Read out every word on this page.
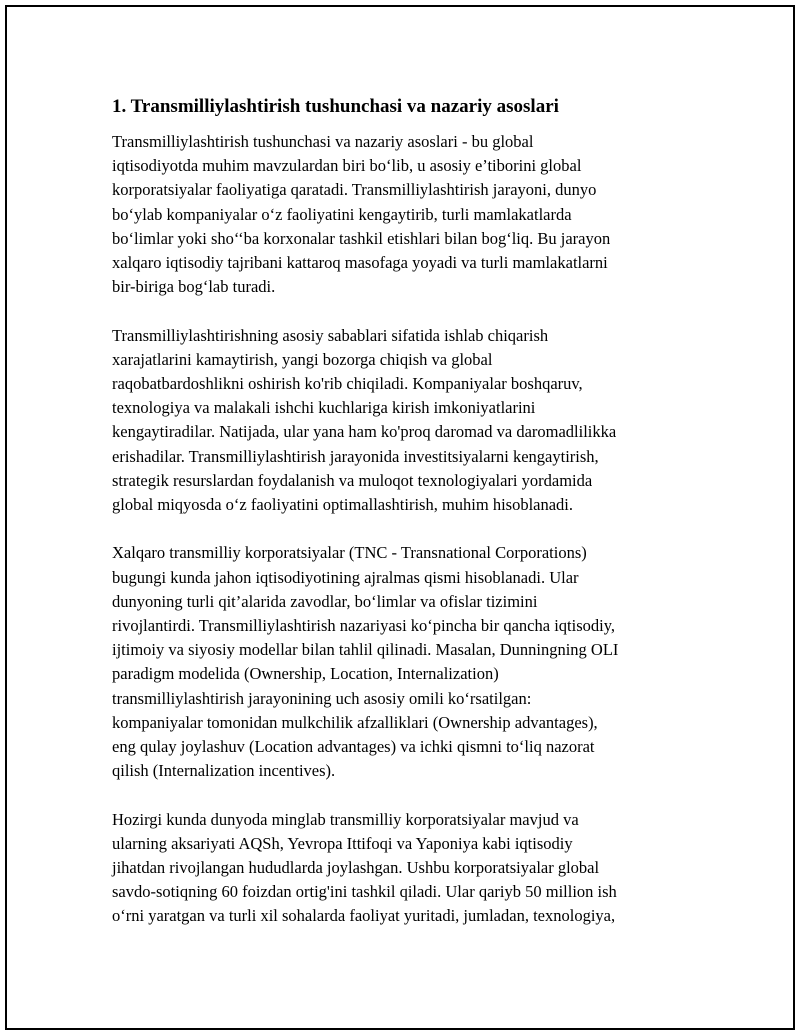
1. Transmilliylashtirish tushunchasi va nazariy asoslari

Transmilliylashtirish tushunchasi va nazariy asoslari - bu global
iqtisodiyotda muhim mavzulardan biri bo‘lib, u asosiy e’tiborini global
korporatsiyalar faoliyatiga qaratadi. Transmilliylashtirish jarayoni, dunyo
bo‘ylab kompaniyalar o‘z faoliyatini kengaytirib, turli mamlakatlarda
bo‘limlar yoki sho‘‘ba korxonalar tashkil etishlari bilan bog‘liq. Bu jarayon
xalqaro iqtisodiy tajribani kattaroq masofaga yoyadi va turli mamlakatlarni
bir-biriga bog‘lab turadi.

Transmilliylashtirishning asosiy sabablari sifatida ishlab chiqarish
xarajatlarini kamaytirish, yangi bozorga chiqish va global
raqobatbardoshlikni oshirish ko'rib chiqiladi. Kompaniyalar boshqaruv,
texnologiya va malakali ishchi kuchlariga kirish imkoniyatlarini
kengaytiradilar. Natijada, ular yana ham ko'proq daromad va daromadlilikka
erishadilar. Transmilliylashtirish jarayonida investitsiyalarni kengaytirish,
strategik resurslardan foydalanish va muloqot texnologiyalari yordamida
global miqyosda o‘z faoliyatini optimallashtirish, muhim hisoblanadi.

Xalqaro transmilliy korporatsiyalar (TNC - Transnational Corporations)
bugungi kunda jahon iqtisodiyotining ajralmas qismi hisoblanadi. Ular
dunyoning turli qit’alarida zavodlar, bo‘limlar va ofislar tizimini
rivojlantirdi. Transmilliylashtirish nazariyasi ko‘pincha bir qancha iqtisodiy,
ijtimoiy va siyosiy modellar bilan tahlil qilinadi. Masalan, Dunningning OLI
paradigm modelida (Ownership, Location, Internalization)
transmilliylashtirish jarayonining uch asosiy omili ko‘rsatilgan:
kompaniyalar tomonidan mulkchilik afzalliklari (Ownership advantages),
eng qulay joylashuv (Location advantages) va ichki qismni to‘liq nazorat
qilish (Internalization incentives).

Hozirgi kunda dunyoda minglab transmilliy korporatsiyalar mavjud va
ularning aksariyati AQSh, Yevropa Ittifoqi va Yaponiya kabi iqtisodiy
jihatdan rivojlangan hududlarda joylashgan. Ushbu korporatsiyalar global
savdo-sotiqning 60 foizdan ortig'ini tashkil qiladi. Ular qariyb 50 million ish
o‘rni yaratgan va turli xil sohalarda faoliyat yuritadi, jumladan, texnologiya,
